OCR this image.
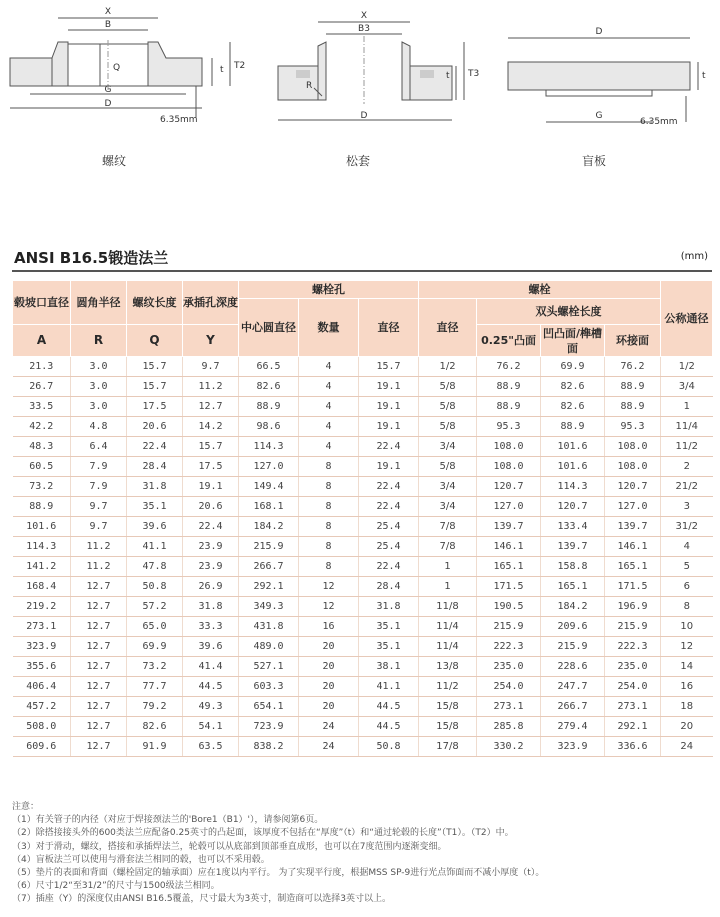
X
B
Q
G
D
t T2
6.35mm
X
B3
R
D
t T3
D
G
t
6.35mm
螺纹	松套	盲板
ANSI B16.5锻造法兰	(mm)
毂坡口直径	圆角半径	螺纹长度	承插孔深度	螺栓孔			螺栓				公称通径
				中心圆直径	数量	直径	直径	双头螺栓长度			
A	R	Q	Y					0.25"凸面	凹凸面/榫槽面	环接面	
21.3	3.0	15.7	9.7	66.5	4	15.7	1/2	76.2	69.9	76.2	1/2
26.7	3.0	15.7	11.2	82.6	4	19.1	5/8	88.9	82.6	88.9	3/4
33.5	3.0	17.5	12.7	88.9	4	19.1	5/8	88.9	82.6	88.9	1
42.2	4.8	20.6	14.2	98.6	4	19.1	5/8	95.3	88.9	95.3	11/4
48.3	6.4	22.4	15.7	114.3	4	22.4	3/4	108.0	101.6	108.0	11/2
60.5	7.9	28.4	17.5	127.0	8	19.1	5/8	108.0	101.6	108.0	2
73.2	7.9	31.8	19.1	149.4	8	22.4	3/4	120.7	114.3	120.7	21/2
88.9	9.7	35.1	20.6	168.1	8	22.4	3/4	127.0	120.7	127.0	3
101.6	9.7	39.6	22.4	184.2	8	25.4	7/8	139.7	133.4	139.7	31/2
114.3	11.2	41.1	23.9	215.9	8	25.4	7/8	146.1	139.7	146.1	4
141.2	11.2	47.8	23.9	266.7	8	22.4	1	165.1	158.8	165.1	5
168.4	12.7	50.8	26.9	292.1	12	28.4	1	171.5	165.1	171.5	6
219.2	12.7	57.2	31.8	349.3	12	31.8	11/8	190.5	184.2	196.9	8
273.1	12.7	65.0	33.3	431.8	16	35.1	11/4	215.9	209.6	215.9	10
323.9	12.7	69.9	39.6	489.0	20	35.1	11/4	222.3	215.9	222.3	12
355.6	12.7	73.2	41.4	527.1	20	38.1	13/8	235.0	228.6	235.0	14
406.4	12.7	77.7	44.5	603.3	20	41.1	11/2	254.0	247.7	254.0	16
457.2	12.7	79.2	49.3	654.1	20	44.5	15/8	273.1	266.7	273.1	18
508.0	12.7	82.6	54.1	723.9	24	44.5	15/8	285.8	279.4	292.1	20
609.6	12.7	91.9	63.5	838.2	24	50.8	17/8	330.2	323.9	336.6	24
注意：
（1）有关管子的内径（对应于焊接颈法兰的'Bore1（B1）'），请参阅第6页。
（2）除搭接接头外的600类法兰应配备0.25英寸的凸起面，该厚度不包括在“厚度”（t）和“通过轮毂的长度”（T1）。（T2）中。
（3）对于滑动，螺纹，搭接和承插焊法兰，轮毂可以从底部到顶部垂直成形，也可以在7度范围内逐渐变细。
（4）盲板法兰可以使用与滑套法兰相同的毂，也可以不采用毂。
（5）垫片的表面和背面（螺栓固定的轴承面）应在1度以内平行。 为了实现平行度，根据MSS SP-9进行光点饰面而不减小厚度（t）。
（6）尺寸1/2“至31/2”的尺寸与1500级法兰相同。
（7）插座（Y）的深度仅由ANSI B16.5覆盖，尺寸最大为3英寸，制造商可以选择3英寸以上。
